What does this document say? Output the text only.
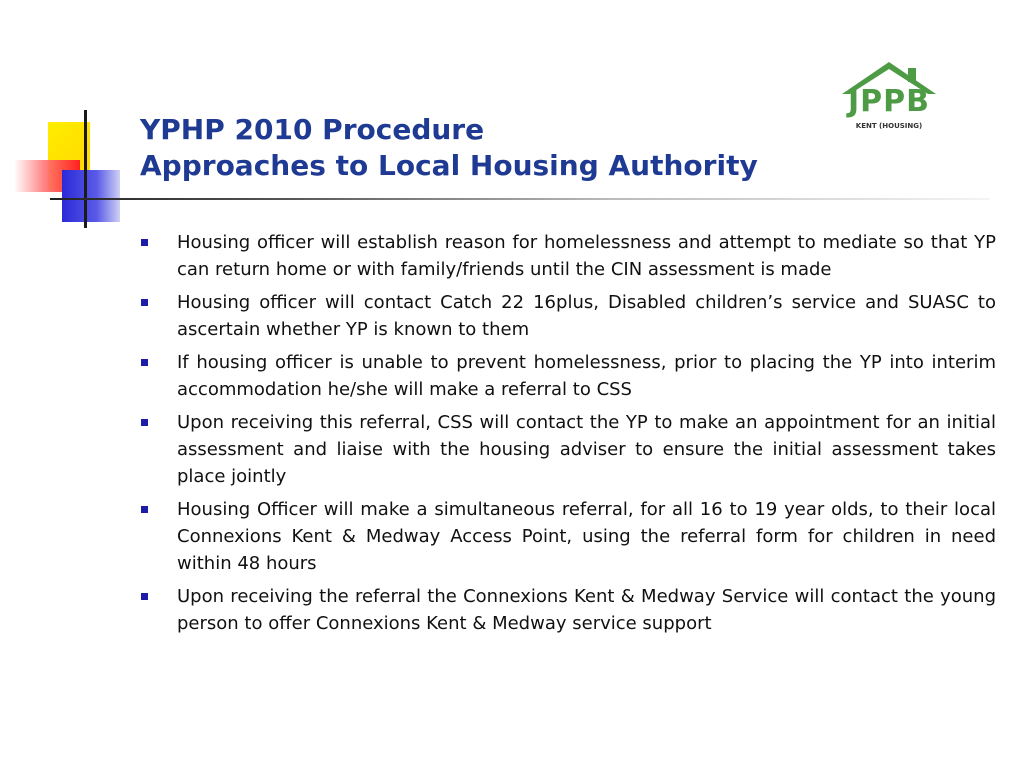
JPPB
KENT (HOUSING)
YPHP 2010 Procedure
Approaches to Local Housing Authority
Housing officer will establish reason for homelessness and attempt to mediate so that YP can return home or with family/friends until the CIN assessment is made
Housing officer will contact Catch 22 16plus, Disabled children’s service and SUASC to ascertain whether YP is known to them
If housing officer is unable to prevent homelessness, prior to placing the YP into interim accommodation he/she will make a referral to CSS
Upon receiving this referral, CSS will contact the YP to make an appointment for an initial assessment and liaise with the housing adviser to ensure the initial assessment takes place jointly
Housing Officer will make a simultaneous referral, for all 16 to 19 year olds, to their local Connexions Kent & Medway Access Point, using the referral form for children in need within 48 hours
Upon receiving the referral the Connexions Kent & Medway Service will contact the young person to offer Connexions Kent & Medway service support
